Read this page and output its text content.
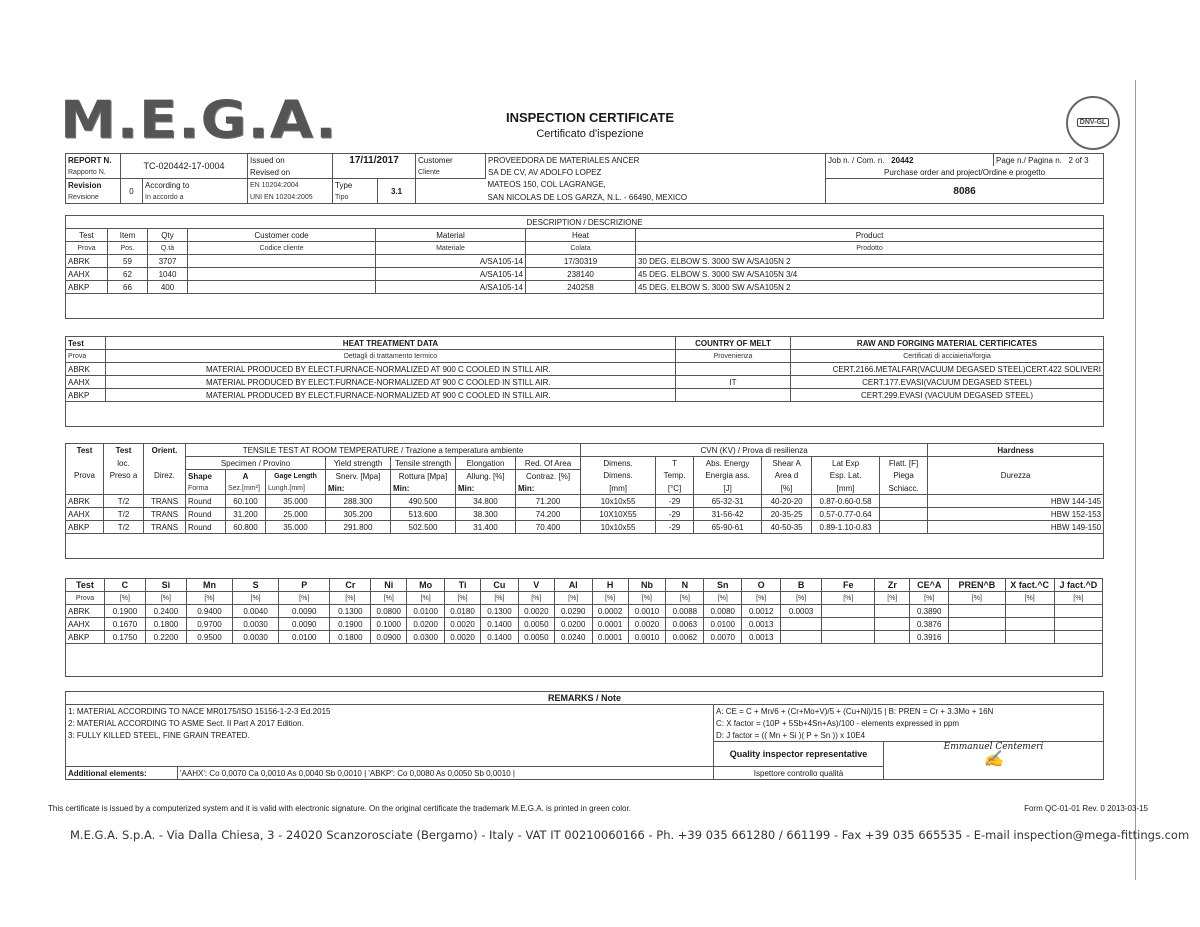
M.E.G.A.	INSPECTION CERTIFICATE
Certificato d'ispezione
DNV-GL
REPORT N.	TC-020442-17-0004		Issued on	17/11/2017		Customer	PROVEEDORA DE MATERIALES ANCER	Job n. / Com. n. 20442	Page n./ Pagina n. 2 of 3
Rapporto N.			Revised on			Cliente	SA DE CV, AV ADOLFO LOPEZ	Purchase order and project/Ordine e progetto	
Revision	0	According to	EN 10204:2004	Type	3.1		MATEOS 150, COL LAGRANGE,	8086	
Revisione		In accordo a	UNI EN 10204:2005	Tipo			SAN NICOLAS DE LOS GARZA, N.L. - 66490, MEXICO		
DESCRIPTION / DESCRIZIONE						
Test	Item	Qty	Customer code	Material	Heat	Product
Prova	Pos.	Q.tà	Codice cliente	Materiale	Colata	Prodotto
ABRK	59	3707		A/SA105-14	17/30319	30 DEG. ELBOW S. 3000 SW A/SA105N 2
AAHX	62	1040		A/SA105-14	238140	45 DEG. ELBOW S. 3000 SW A/SA105N 3/4
ABKP	66	400		A/SA105-14	240258	45 DEG. ELBOW S. 3000 SW A/SA105N 2

Test	HEAT TREATMENT DATA	COUNTRY OF MELT	RAW AND FORGING MATERIAL CERTIFICATES
Prova	Dettagli di trattamento termico	Provenienza	Certificati di acciaieria/forgia
ABRK	MATERIAL PRODUCED BY ELECT.FURNACE-NORMALIZED AT 900 C COOLED IN STILL AIR.		CERT.2166.METALFAR(VACUUM DEGASED STEEL)CERT.422 SOLIVERI
AAHX	MATERIAL PRODUCED BY ELECT.FURNACE-NORMALIZED AT 900 C COOLED IN STILL AIR.	IT	CERT.177.EVASI(VACUUM DEGASED STEEL)
ABKP	MATERIAL PRODUCED BY ELECT.FURNACE-NORMALIZED AT 900 C COOLED IN STILL AIR.		CERT.299.EVASI (VACUUM DEGASED STEEL)

Test	Test	Orient.	TENSILE TEST AT ROOM TEMPERATURE / Trazione a temperatura ambiente							CVN (KV) / Prova di resilienza						Hardness
	loc.		Specimen / Provino			Yield strength	Tensile strength	Elongation	Red. Of Area	Dimens.	T	Abs. Energy	Shear A	Lat Exp	Flatt. [F]	
Prova	Preso a	Direz.	Shape	A	Gage Length	Snerv. [Mpa]	Rottura [Mpa]	Allung. [%]	Contraz. [%]	Dimens.	Temp.	Energia ass.	Area d	Esp. Lat.	Piega	Durezza
			Forma	Sez.[mm²]	Lungh.[mm]	Min:	Min:	Min:	Min:	[mm]	[°C]	[J]	[%]	[mm]	Schiacc.	
ABRK	T/2	TRANS	Round	60.100	35.000	288.300	490.500	34.800	71.200	10x10x55	-29	65-32-31	40-20-20	0.87-0.60-0.58		HBW 144-145
AAHX	T/2	TRANS	Round	31.200	25.000	305.200	513.600	38.300	74.200	10X10X55	-29	31-56-42	20-35-25	0.57-0.77-0.64		HBW 152-153
ABKP	T/2	TRANS	Round	60.800	35.000	291.800	502.500	31.400	70.400	10x10x55	-29	65-90-61	40-50-35	0.89-1.10-0.83		HBW 149-150

Test	C	Si	Mn	S	P	Cr	Ni	Mo	Ti	Cu	V	Al	H	Nb	N	Sn	O	B	Fe	Zr	CE^A	PREN^B	X fact.^C	J fact.^D
Prova	[%]	[%]	[%]	[%]	[%]	[%]	[%]	[%]	[%]	[%]	[%]	[%]	[%]	[%]	[%]	[%]	[%]	[%]	[%]	[%]	[%]	[%]	[%]	[%]
ABRK	0.1900	0.2400	0.9400	0.0040	0.0090	0.1300	0.0800	0.0100	0.0180	0.1300	0.0020	0.0290	0.0002	0.0010	0.0088	0.0080	0.0012	0.0003			0.3890			
AAHX	0.1670	0.1800	0.9700	0.0030	0.0090	0.1900	0.1000	0.0200	0.0020	0.1400	0.0050	0.0200	0.0001	0.0020	0.0063	0.0100	0.0013				0.3876			
ABKP	0.1750	0.2200	0.9500	0.0030	0.0100	0.1800	0.0900	0.0300	0.0020	0.1400	0.0050	0.0240	0.0001	0.0010	0.0062	0.0070	0.0013				0.3916			

REMARKS / Note			
1: MATERIAL ACCORDING TO NACE MR0175/ISO 15156-1-2-3 Ed.2015		A: CE = C + Mn/6 + (Cr+Mo+V)/5 + (Cu+Ni)/15 | B: PREN = Cr + 3.3Mo + 16N	
2: MATERIAL ACCORDING TO ASME Sect. II Part A 2017 Edition.		C: X factor = (10P + 5Sb+4Sn+As)/100 - elements expressed in ppm	
3: FULLY KILLED STEEL, FINE GRAIN TREATED.		D: J factor = (( Mn + Si )( P + Sn )) x 10E4	
		Quality inspector representative	Emmanuel Centemeri
✍

Additional elements:	'AAHX': Co 0,0070 Ca 0,0010 As 0,0040 Sb 0,0010 | 'ABKP': Co 0,0080 As 0,0050 Sb 0,0010 |	Ispettore controllo qualità	
This certificate is issued by a computerized system and it is valid with electronic signature. On the original certificate the trademark M.E.G.A. is printed in green color.	Form QC-01-01 Rev. 0 2013-03-15
M.E.G.A. S.p.A. - Via Dalla Chiesa, 3 - 24020 Scanzorosciate (Bergamo) - Italy - VAT IT 00210060166 - Ph. +39 035 661280 / 661199 - Fax +39 035 665535 - E-mail inspection@mega-fittings.com
